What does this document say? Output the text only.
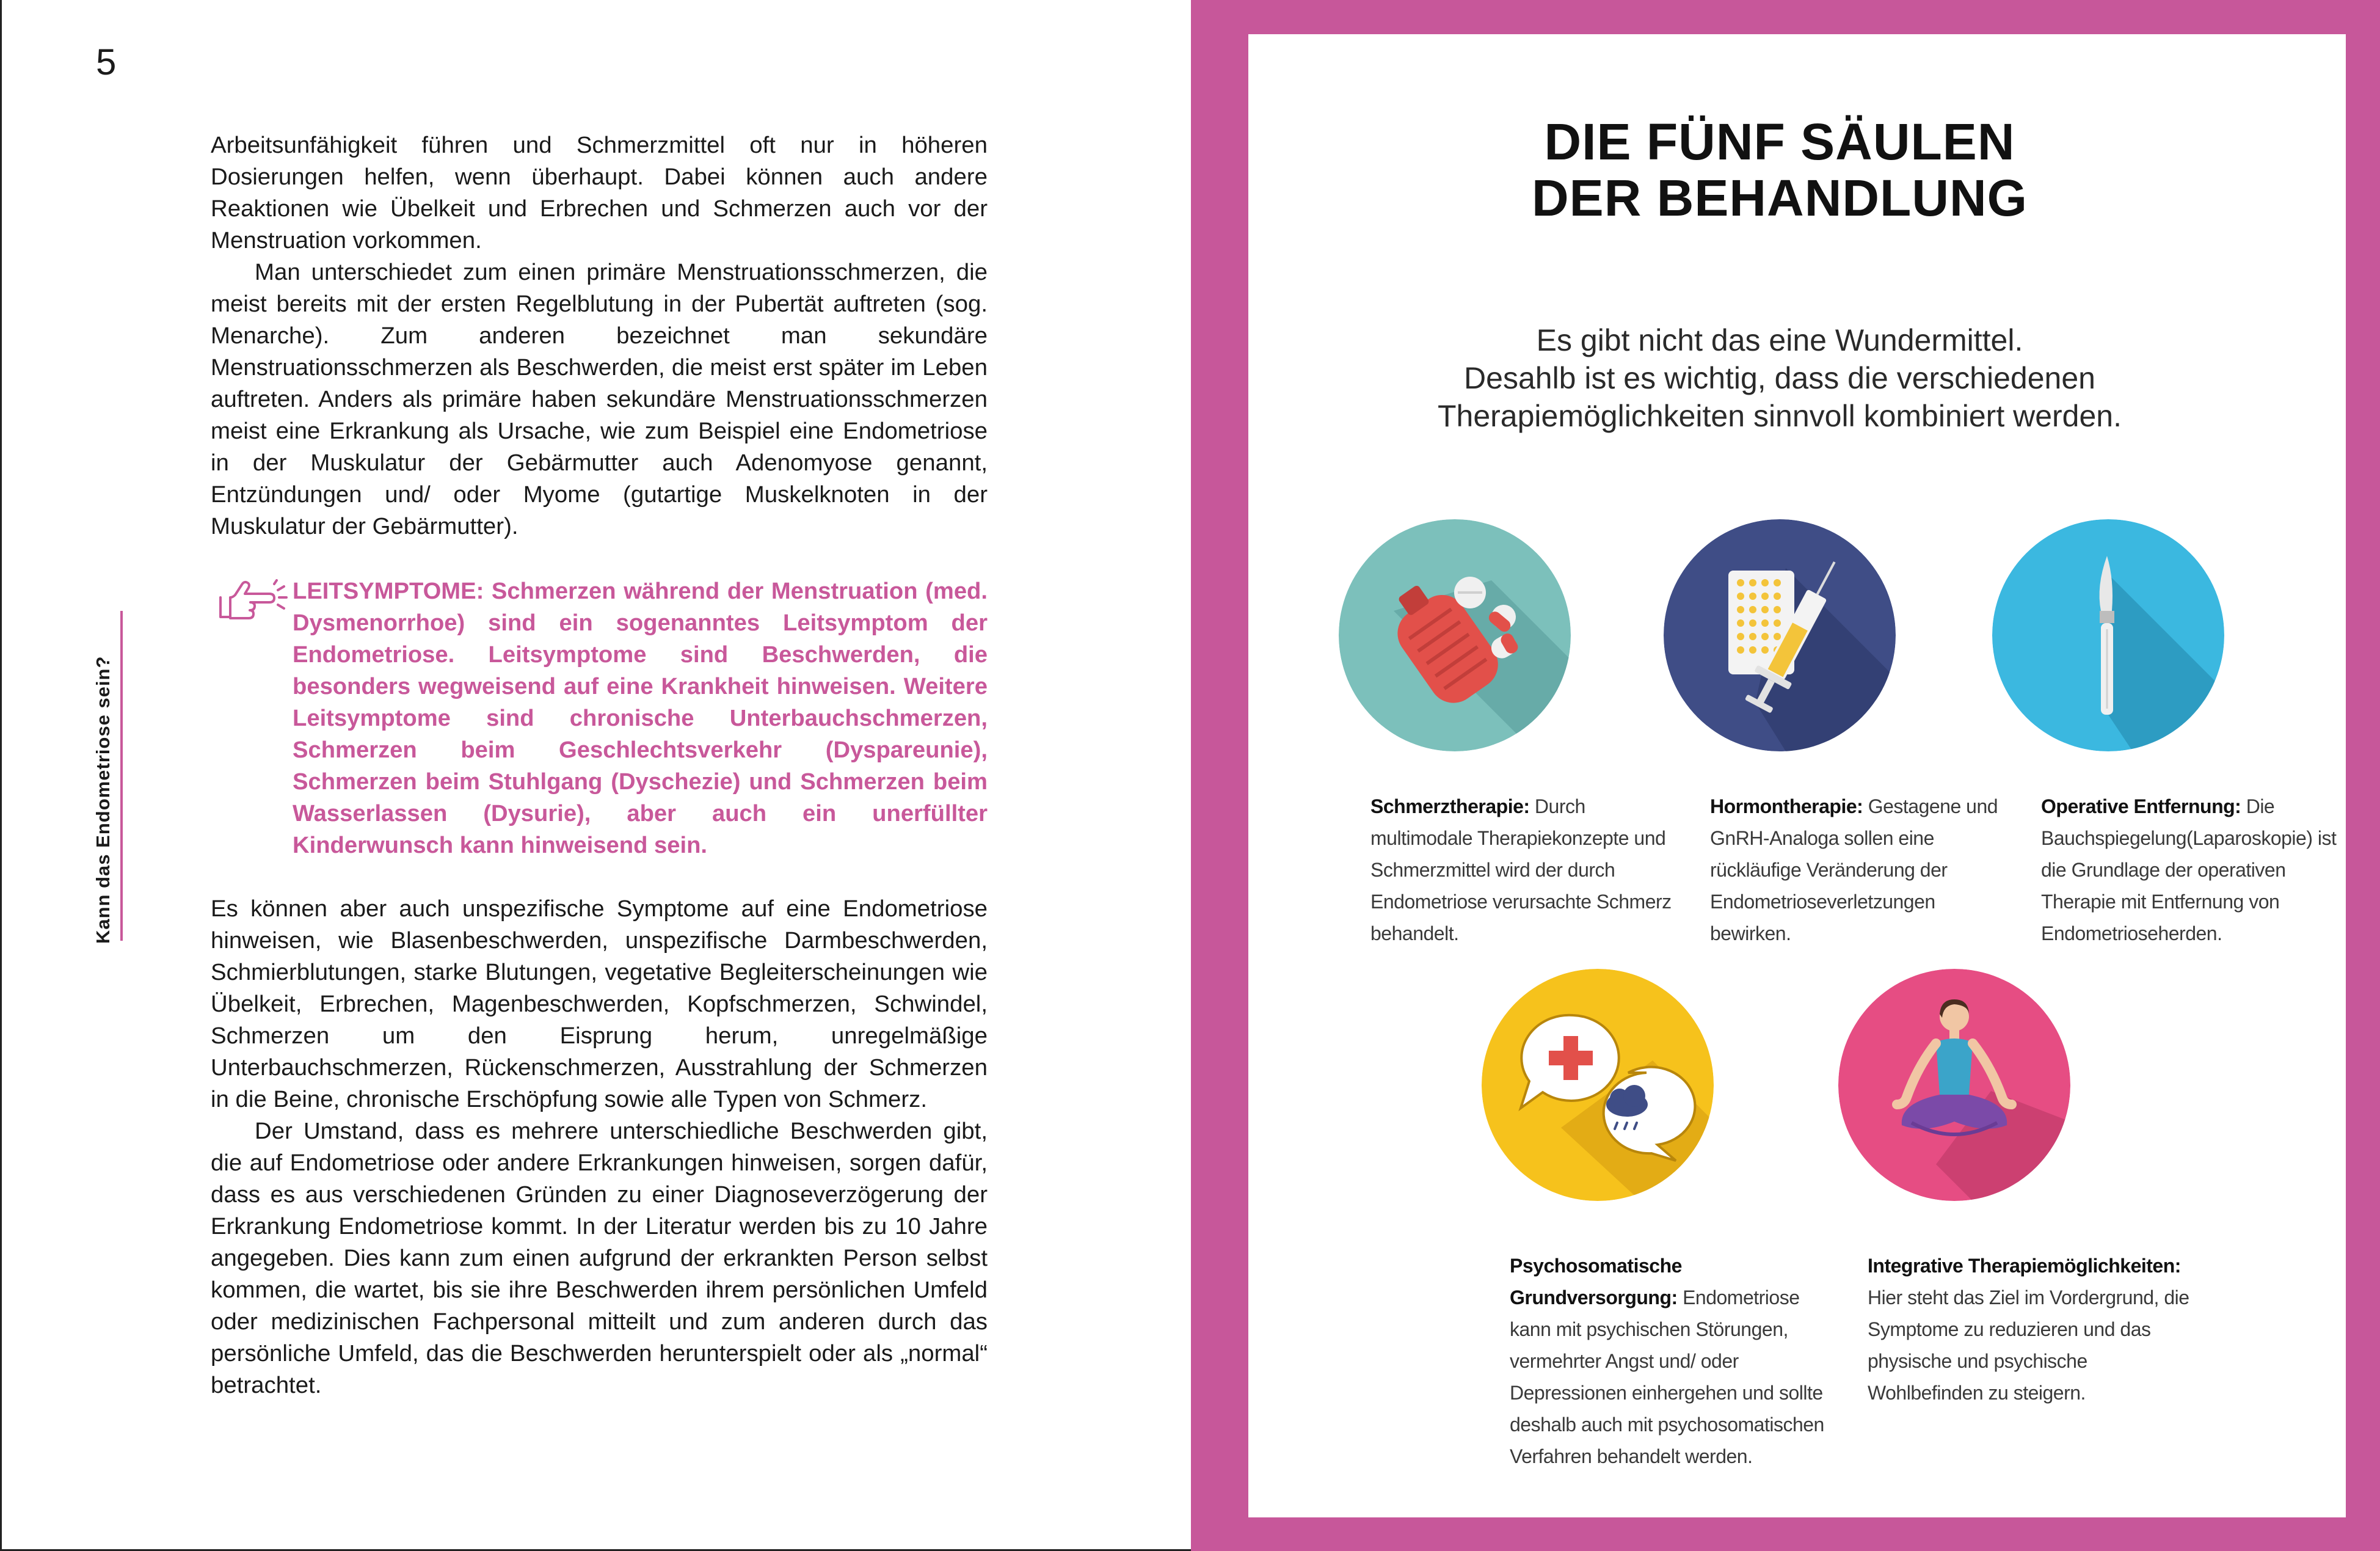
5
Kann das Endometriose sein?

Arbeitsunfähigkeit führen und Schmerzmittel oft nur in höheren Dosierungen helfen, wenn überhaupt. Dabei können auch andere Reaktionen wie Übelkeit und Erbrechen und Schmerzen auch vor der Menstruation vorkommen.

Man unterschiedet zum einen primäre Menstruationsschmerzen, die meist bereits mit der ersten Regelblutung in der Pubertät auftreten (sog. Menarche). Zum anderen bezeichnet man sekundäre Menstruationsschmerzen als Beschwerden, die meist erst später im Leben auftreten. Anders als primäre haben sekundäre Menstruationsschmerzen meist eine Erkrankung als Ursache, wie zum Beispiel eine Endometriose in der Muskulatur der Gebärmutter auch Adenomyose genannt, Entzündungen und/ oder Myome (gutartige Muskelknoten in der Muskulatur der Gebärmutter).

LEITSYMPTOME: Schmerzen während der Menstruation (med. Dysmenorrhoe) sind ein sogenanntes Leitsymptom der Endometriose. Leitsymptome sind Beschwerden, die besonders wegweisend auf eine Krankheit hinweisen. Weitere Leitsymptome sind chronische Unterbauchschmerzen, Schmerzen beim Geschlechtsverkehr (Dyspareunie), Schmerzen beim Stuhlgang (Dyschezie) und Schmerzen beim Wasserlassen (Dysurie), aber auch ein unerfüllter Kinderwunsch kann hinweisend sein.

Es können aber auch unspezifische Symptome auf eine Endometriose hinweisen, wie Blasenbeschwerden, unspezifische Darmbeschwerden, Schmierblutungen, starke Blutungen, vegetative Begleiterscheinungen wie Übelkeit, Erbrechen, Magenbeschwerden, Kopfschmerzen, Schwindel, Schmerzen um den Eisprung herum, unregelmäßige Unterbauchschmerzen, Rückenschmerzen, Ausstrahlung der Schmerzen in die Beine, chronische Erschöpfung sowie alle Typen von Schmerz.

Der Umstand, dass es mehrere unterschiedliche Beschwerden gibt, die auf Endometriose oder andere Erkrankungen hinweisen, sorgen dafür, dass es aus verschiedenen Gründen zu einer Diagnoseverzögerung der Erkrankung Endometriose kommt. In der Literatur werden bis zu 10 Jahre angegeben. Dies kann zum einen aufgrund der erkrankten Person selbst kommen, die wartet, bis sie ihre Beschwerden ihrem persönlichen Umfeld oder medizinischen Fachpersonal mitteilt und zum anderen durch das persönliche Umfeld, das die Beschwerden herunterspielt oder als „normal“ betrachtet.

DIE FÜNF SÄULEN
DER BEHANDLUNG
Es gibt nicht das eine Wundermittel.
Desahlb ist es wichtig, dass die verschiedenen
Therapiemöglichkeiten sinnvoll kombiniert werden.
Schmerztherapie: Durch multimodale Therapiekonzepte und Schmerzmittel wird der durch Endometriose verursachte Schmerz behandelt.
Hormontherapie: Gestagene und GnRH-Analoga sollen eine rückläufige Veränderung der Endometrioseverletzungen bewirken.
Operative Entfernung: Die Bauchspiegelung(Laparoskopie) ist die Grundlage der operativen Therapie mit Entfernung von Endometrioseherden.
Psychosomatische Grundversorgung: Endometriose kann mit psychischen Störungen, vermehrter Angst und/ oder Depressionen einhergehen und sollte deshalb auch mit psychosomatischen Verfahren behandelt werden.
Integrative Therapiemöglichkeiten: Hier steht das Ziel im Vordergrund, die Symptome zu reduzieren und das physische und psychische Wohlbefinden zu steigern.
